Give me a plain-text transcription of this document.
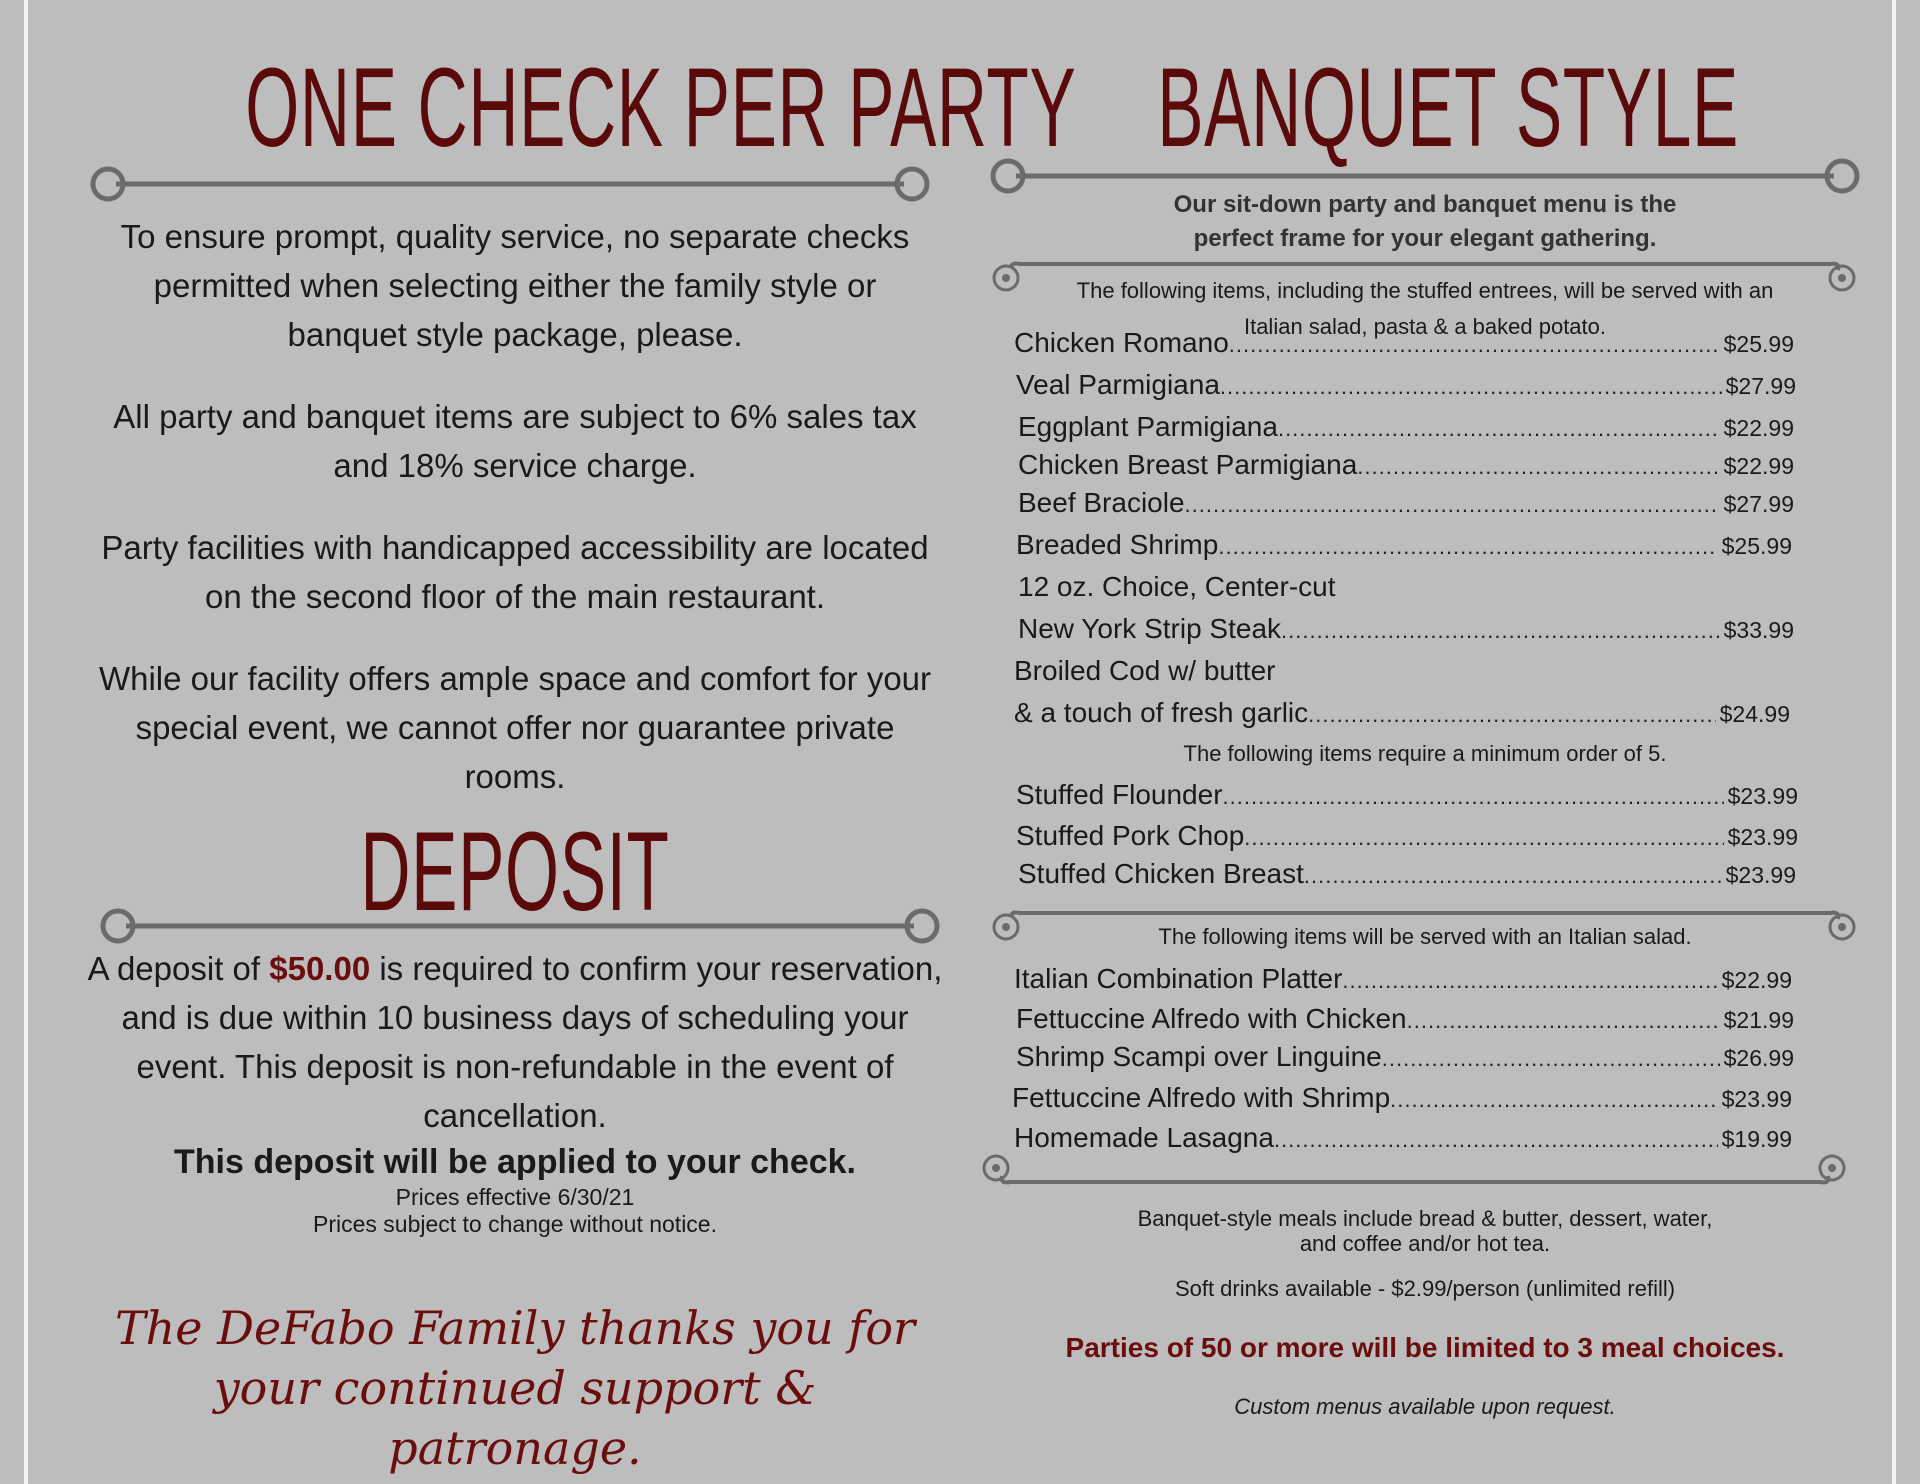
ONE CHECK PER PARTY

To ensure prompt, quality service, no separate checks permitted when selecting either the family style or banquet style package, please.

All party and banquet items are subject to 6% sales tax and 18% service charge.

Party facilities with handicapped accessibility are located on the second floor of the main restaurant.

While our facility offers ample space and comfort for your special event, we cannot offer nor guarantee private rooms.

DEPOSIT

A deposit of $50.00 is required to confirm your reservation, and is due within 10 business days of scheduling your event. This deposit is non-refundable in the event of cancellation.

This deposit will be applied to your check.

Prices effective 6/30/21
Prices subject to change without notice.
The DeFabo Family thanks you for
your continued support & patronage.
BANQUET STYLE
Our sit-down party and banquet menu is the
perfect frame for your elegant gathering.
The following items, including the stuffed entrees, will be served with an
Italian salad, pasta & a baked potato.
Chicken Romano .....	$25.99
Veal Parmigiana .....	$27.99
Eggplant Parmigiana .....	$22.99
Chicken Breast Parmigiana .....	$22.99
Beef Braciole .....	$27.99
Breaded Shrimp .....	$25.99
12 oz. Choice, Center-cut
New York Strip Steak .....	$33.99
Broiled Cod w/ butter
& a touch of fresh garlic .....	$24.99
The following items require a minimum order of 5.
Stuffed Flounder .....	$23.99
Stuffed Pork Chop .....	$23.99
Stuffed Chicken Breast .....	$23.99
The following items will be served with an Italian salad.
Italian Combination Platter .....	$22.99
Fettuccine Alfredo with Chicken .....	$21.99
Shrimp Scampi over Linguine .....	$26.99
Fettuccine Alfredo with Shrimp .....	$23.99
Homemade Lasagna .....	$19.99
Banquet-style meals include bread & butter, dessert, water,
and coffee and/or hot tea.
Soft drinks available - $2.99/person (unlimited refill)
Parties of 50 or more will be limited to 3 meal choices.
Custom menus available upon request.
